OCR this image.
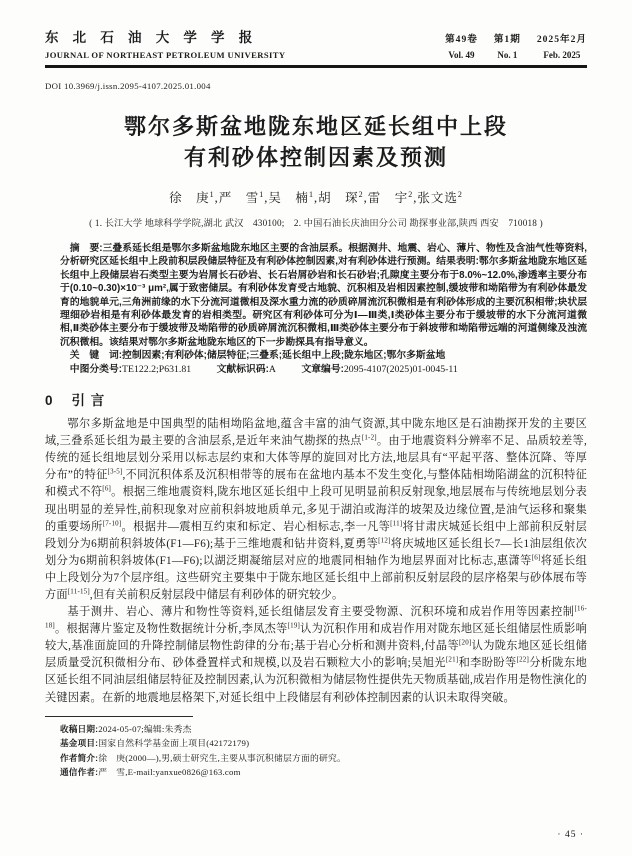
东北石油大学学报
JOURNAL OF NORTHEAST PETROLEUM UNIVERSITY
第49卷
Vol. 49
第1期
No. 1
2025年2月
Feb. 2025
DOI 10.3969/j.issn.2095-4107.2025.01.004
鄂尔多斯盆地陇东地区延长组中上段
有利砂体控制因素及预测
徐　庚$^1$,严　雪$^1$,吴　楠$^1$,胡　琛$^2$,雷　宇$^2$,张文选$^2$
( 1. 长江大学 地球科学学院,湖北 武汉　430100;　2. 中国石油长庆油田分公司 勘探事业部,陕西 西安　710018 )

摘　要:三叠系延长组是鄂尔多斯盆地陇东地区主要的含油层系。根据测井、地震、岩心、薄片、物性及含油气性等资料,分析研究区延长组中上段前积层段储层特征及有利砂体控制因素,对有利砂体进行预测。结果表明:鄂尔多斯盆地陇东地区延长组中上段储层岩石类型主要为岩屑长石砂岩、长石岩屑砂岩和长石砂岩;孔隙度主要分布于8.0%~12.0%,渗透率主要分布于(0.10~0.30)×10⁻³ μm²,属于致密储层。有利砂体发育受古地貌、沉积相及岩相因素控制,缓坡带和坳陷带为有利砂体最发育的地貌单元,三角洲前缘的水下分流河道微相及深水重力流的砂质碎屑流沉积微相是有利砂体形成的主要沉积相带;块状层理细砂岩相是有利砂体最发育的岩相类型。研究区有利砂体可分为Ⅰ—Ⅲ类,Ⅰ类砂体主要分布于缓坡带的水下分流河道微相,Ⅱ类砂体主要分布于缓坡带及坳陷带的砂质碎屑流沉积微相,Ⅲ类砂体主要分布于斜坡带和坳陷带远端的河道侧缘及浊流沉积微相。该结果对鄂尔多斯盆地陇东地区的下一步勘探具有指导意义。

关　键　词:控制因素;有利砂体;储层特征;三叠系;延长组中上段;陇东地区;鄂尔多斯盆地

中图分类号:TE122.2;P631.81	文献标识码:A	文章编号:2095-4107(2025)01-0045-11

0 引 言

鄂尔多斯盆地是中国典型的陆相坳陷盆地,蕴含丰富的油气资源,其中陇东地区是石油勘探开发的主要区域,三叠系延长组为最主要的含油层系,是近年来油气勘探的热点[1-2]。由于地震资料分辨率不足、品质较差等,传统的延长组地层划分采用以标志层约束和大体等厚的旋回对比方法,地层具有“平起平落、整体沉降、等厚分布”的特征[3-5],不同沉积体系及沉积相带等的展布在盆地内基本不发生变化,与整体陆相坳陷湖盆的沉积特征和模式不符[6]。根据三维地震资料,陇东地区延长组中上段可见明显前积反射现象,地层展布与传统地层划分表现出明显的差异性,前积现象对应前积斜坡地质单元,多见于湖泊或海洋的坡架及边缘位置,是油气运移和聚集的重要场所[7-10]。根据井—震相互约束和标定、岩心相标志,李一凡等[11]将甘肃庆城延长组中上部前积反射层段划分为6期前积斜坡体(F1—F6);基于三维地震和钻井资料,夏勇等[12]将庆城地区延长组长7—长1油层组依次划分为6期前积斜坡体(F1—F6);以湖泛期凝缩层对应的地震同相轴作为地层界面对比标志,惠潇等[6]将延长组中上段划分为7个层序组。这些研究主要集中于陇东地区延长组中上部前积反射层段的层序格架与砂体展布等方面[11-15],但有关前积反射层段中储层有利砂体的研究较少。

基于测井、岩心、薄片和物性等资料,延长组储层发育主要受物源、沉积环境和成岩作用等因素控制[16-18]。根据薄片鉴定及物性数据统计分析,李凤杰等[19]认为沉积作用和成岩作用对陇东地区延长组储层性质影响较大,基准面旋回的升降控制储层物性韵律的分布;基于岩心分析和测井资料,付晶等[20]认为陇东地区延长组储层质量受沉积微相分布、砂体叠置样式和规模,以及岩石颗粒大小的影响;吴旭光[21]和李盼盼等[22]分析陇东地区延长组不同油层组储层特征及控制因素,认为沉积微相为储层物性提供先天物质基础,成岩作用是物性演化的关键因素。在新的地震地层格架下,对延长组中上段储层有利砂体控制因素的认识未取得突破。

收稿日期:2024-05-07;编辑:朱秀杰
基金项目:国家自然科学基金面上项目(42172179)
作者简介:徐　庚(2000—),男,硕士研究生,主要从事沉积储层方面的研究。
通信作者:严　雪,E-mail:yanxue0826@163.com
· 45 ·
